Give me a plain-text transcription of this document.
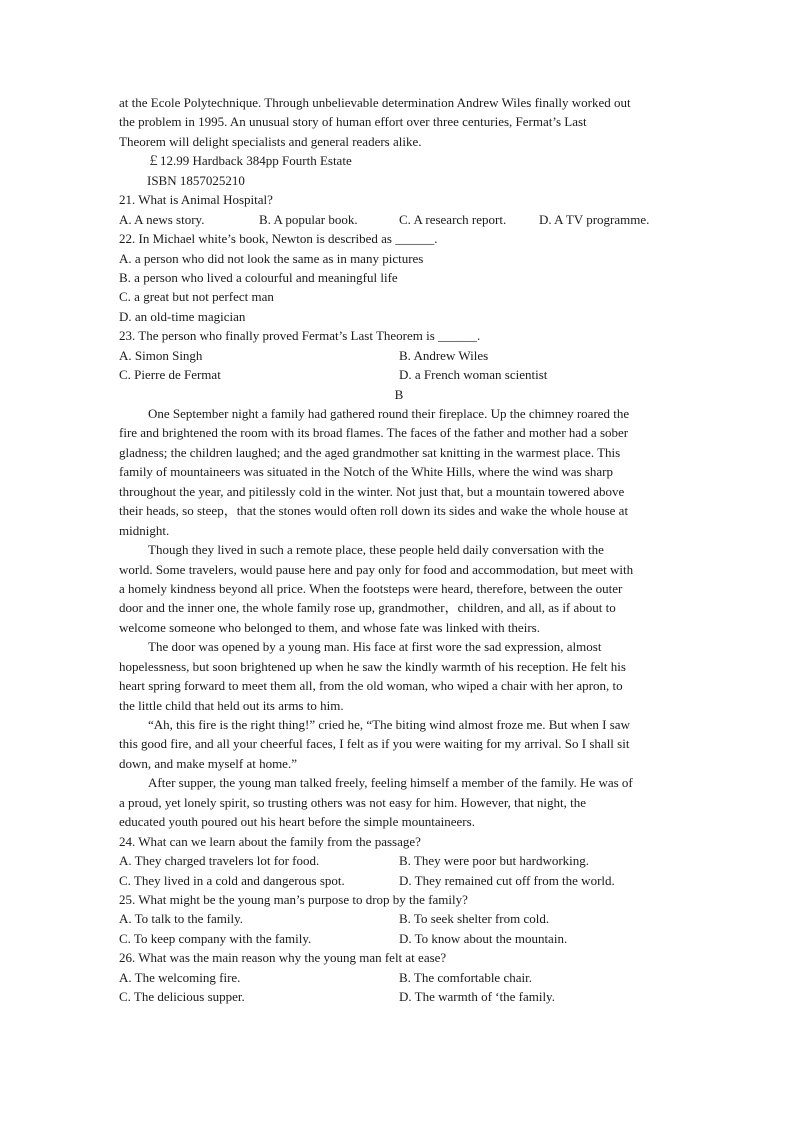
at the Ecole Polytechnique. Through unbelievable determination Andrew Wiles finally worked out
the problem in 1995. An unusual story of human effort over three centuries, Fermat’s Last
Theorem will delight specialists and general readers alike.
￡12.99 Hardback 384pp Fourth Estate
ISBN 1857025210
21. What is Animal Hospital?
A. A news story.	B. A popular book.	C. A research report.	D. A TV programme.
22. In Michael white’s book, Newton is described as ______.
A. a person who did not look the same as in many pictures
B. a person who lived a colourful and meaningful life
C. a great but not perfect man
D. an old-time magician
23. The person who finally proved Fermat’s Last Theorem is ______.
A. Simon Singh	B. Andrew Wiles
C. Pierre de Fermat	D. a French woman scientist
B
One September night a family had gathered round their fireplace. Up the chimney roared the
fire and brightened the room with its broad flames. The faces of the father and mother had a sober
gladness; the children laughed; and the aged grandmother sat knitting in the warmest place. This
family of mountaineers was situated in the Notch of the White Hills, where the wind was sharp
throughout the year, and pitilessly cold in the winter. Not just that, but a mountain towered above
their heads, so steep，that the stones would often roll down its sides and wake the whole house at
midnight.
Though they lived in such a remote place, these people held daily conversation with the
world. Some travelers, would pause here and pay only for food and accommodation, but meet with
a homely kindness beyond all price. When the footsteps were heard, therefore, between the outer
door and the inner one, the whole family rose up, grandmother，children, and all, as if about to
welcome someone who belonged to them, and whose fate was linked with theirs.
The door was opened by a young man. His face at first wore the sad expression, almost
hopelessness, but soon brightened up when he saw the kindly warmth of his reception. He felt his
heart spring forward to meet them all, from the old woman, who wiped a chair with her apron, to
the little child that held out its arms to him.
“Ah, this fire is the right thing!” cried he, “The biting wind almost froze me. But when I saw
this good fire, and all your cheerful faces, I felt as if you were waiting for my arrival. So I shall sit
down, and make myself at home.”
After supper, the young man talked freely, feeling himself a member of the family. He was of
a proud, yet lonely spirit, so trusting others was not easy for him. However, that night, the
educated youth poured out his heart before the simple mountaineers.
24. What can we learn about the family from the passage?
A. They charged travelers lot for food.	B. They were poor but hardworking.
C. They lived in a cold and dangerous spot.	D. They remained cut off from the world.
25. What might be the young man’s purpose to drop by the family?
A. To talk to the family.	B. To seek shelter from cold.
C. To keep company with the family.	D. To know about the mountain.
26. What was the main reason why the young man felt at ease?
A. The welcoming fire.	B. The comfortable chair.
C. The delicious supper.	D. The warmth of ‘the family.
